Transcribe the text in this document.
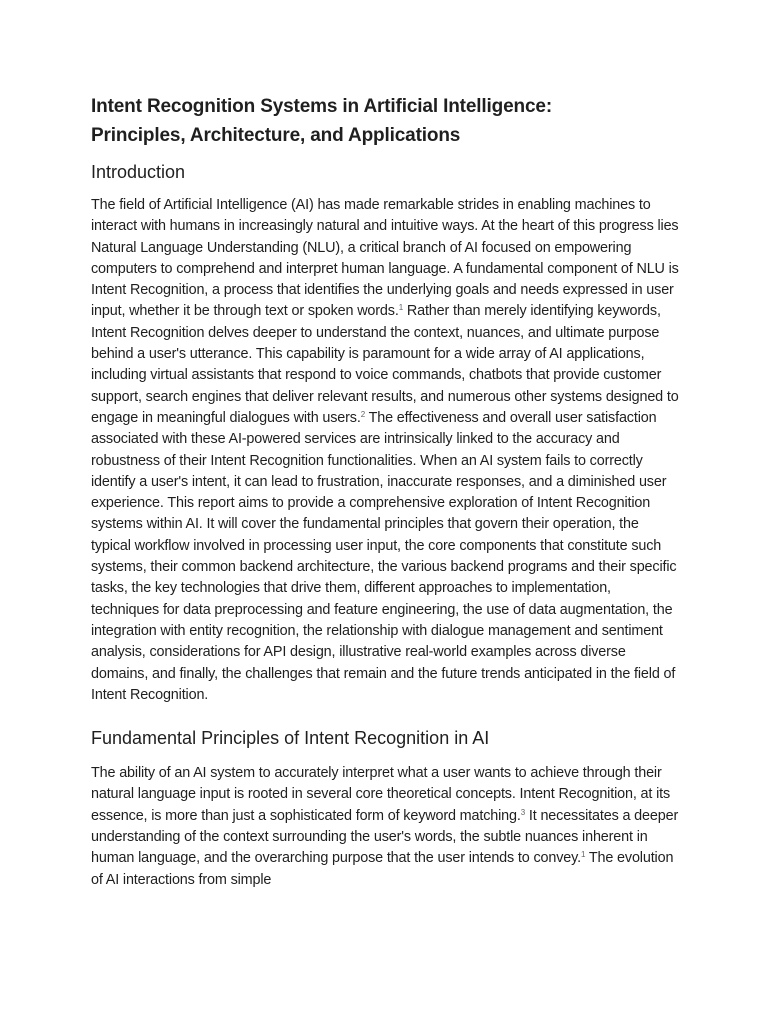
Intent Recognition Systems in Artificial Intelligence:
Principles, Architecture, and Applications
Introduction

The field of Artificial Intelligence (AI) has made remarkable strides in enabling machines to interact with humans in increasingly natural and intuitive ways. At the heart of this progress lies Natural Language Understanding (NLU), a critical branch of AI focused on empowering computers to comprehend and interpret human language. A fundamental component of NLU is Intent Recognition, a process that identifies the underlying goals and needs expressed in user input, whether it be through text or spoken words.$^1$ Rather than merely identifying keywords, Intent Recognition delves deeper to understand the context, nuances, and ultimate purpose behind a user's utterance. This capability is paramount for a wide array of AI applications, including virtual assistants that respond to voice commands, chatbots that provide customer support, search engines that deliver relevant results, and numerous other systems designed to engage in meaningful dialogues with users.$^2$ The effectiveness and overall user satisfaction associated with these AI-powered services are intrinsically linked to the accuracy and robustness of their Intent Recognition functionalities. When an AI system fails to correctly identify a user's intent, it can lead to frustration, inaccurate responses, and a diminished user experience. This report aims to provide a comprehensive exploration of Intent Recognition systems within AI. It will cover the fundamental principles that govern their operation, the typical workflow involved in processing user input, the core components that constitute such systems, their common backend architecture, the various backend programs and their specific tasks, the key technologies that drive them, different approaches to implementation, techniques for data preprocessing and feature engineering, the use of data augmentation, the integration with entity recognition, the relationship with dialogue management and sentiment analysis, considerations for API design, illustrative real-world examples across diverse domains, and finally, the challenges that remain and the future trends anticipated in the field of Intent Recognition.

Fundamental Principles of Intent Recognition in AI

The ability of an AI system to accurately interpret what a user wants to achieve through their natural language input is rooted in several core theoretical concepts. Intent Recognition, at its essence, is more than just a sophisticated form of keyword matching.$^3$ It necessitates a deeper understanding of the context surrounding the user's words, the subtle nuances inherent in human language, and the overarching purpose that the user intends to convey.$^1$ The evolution of AI interactions from simple
